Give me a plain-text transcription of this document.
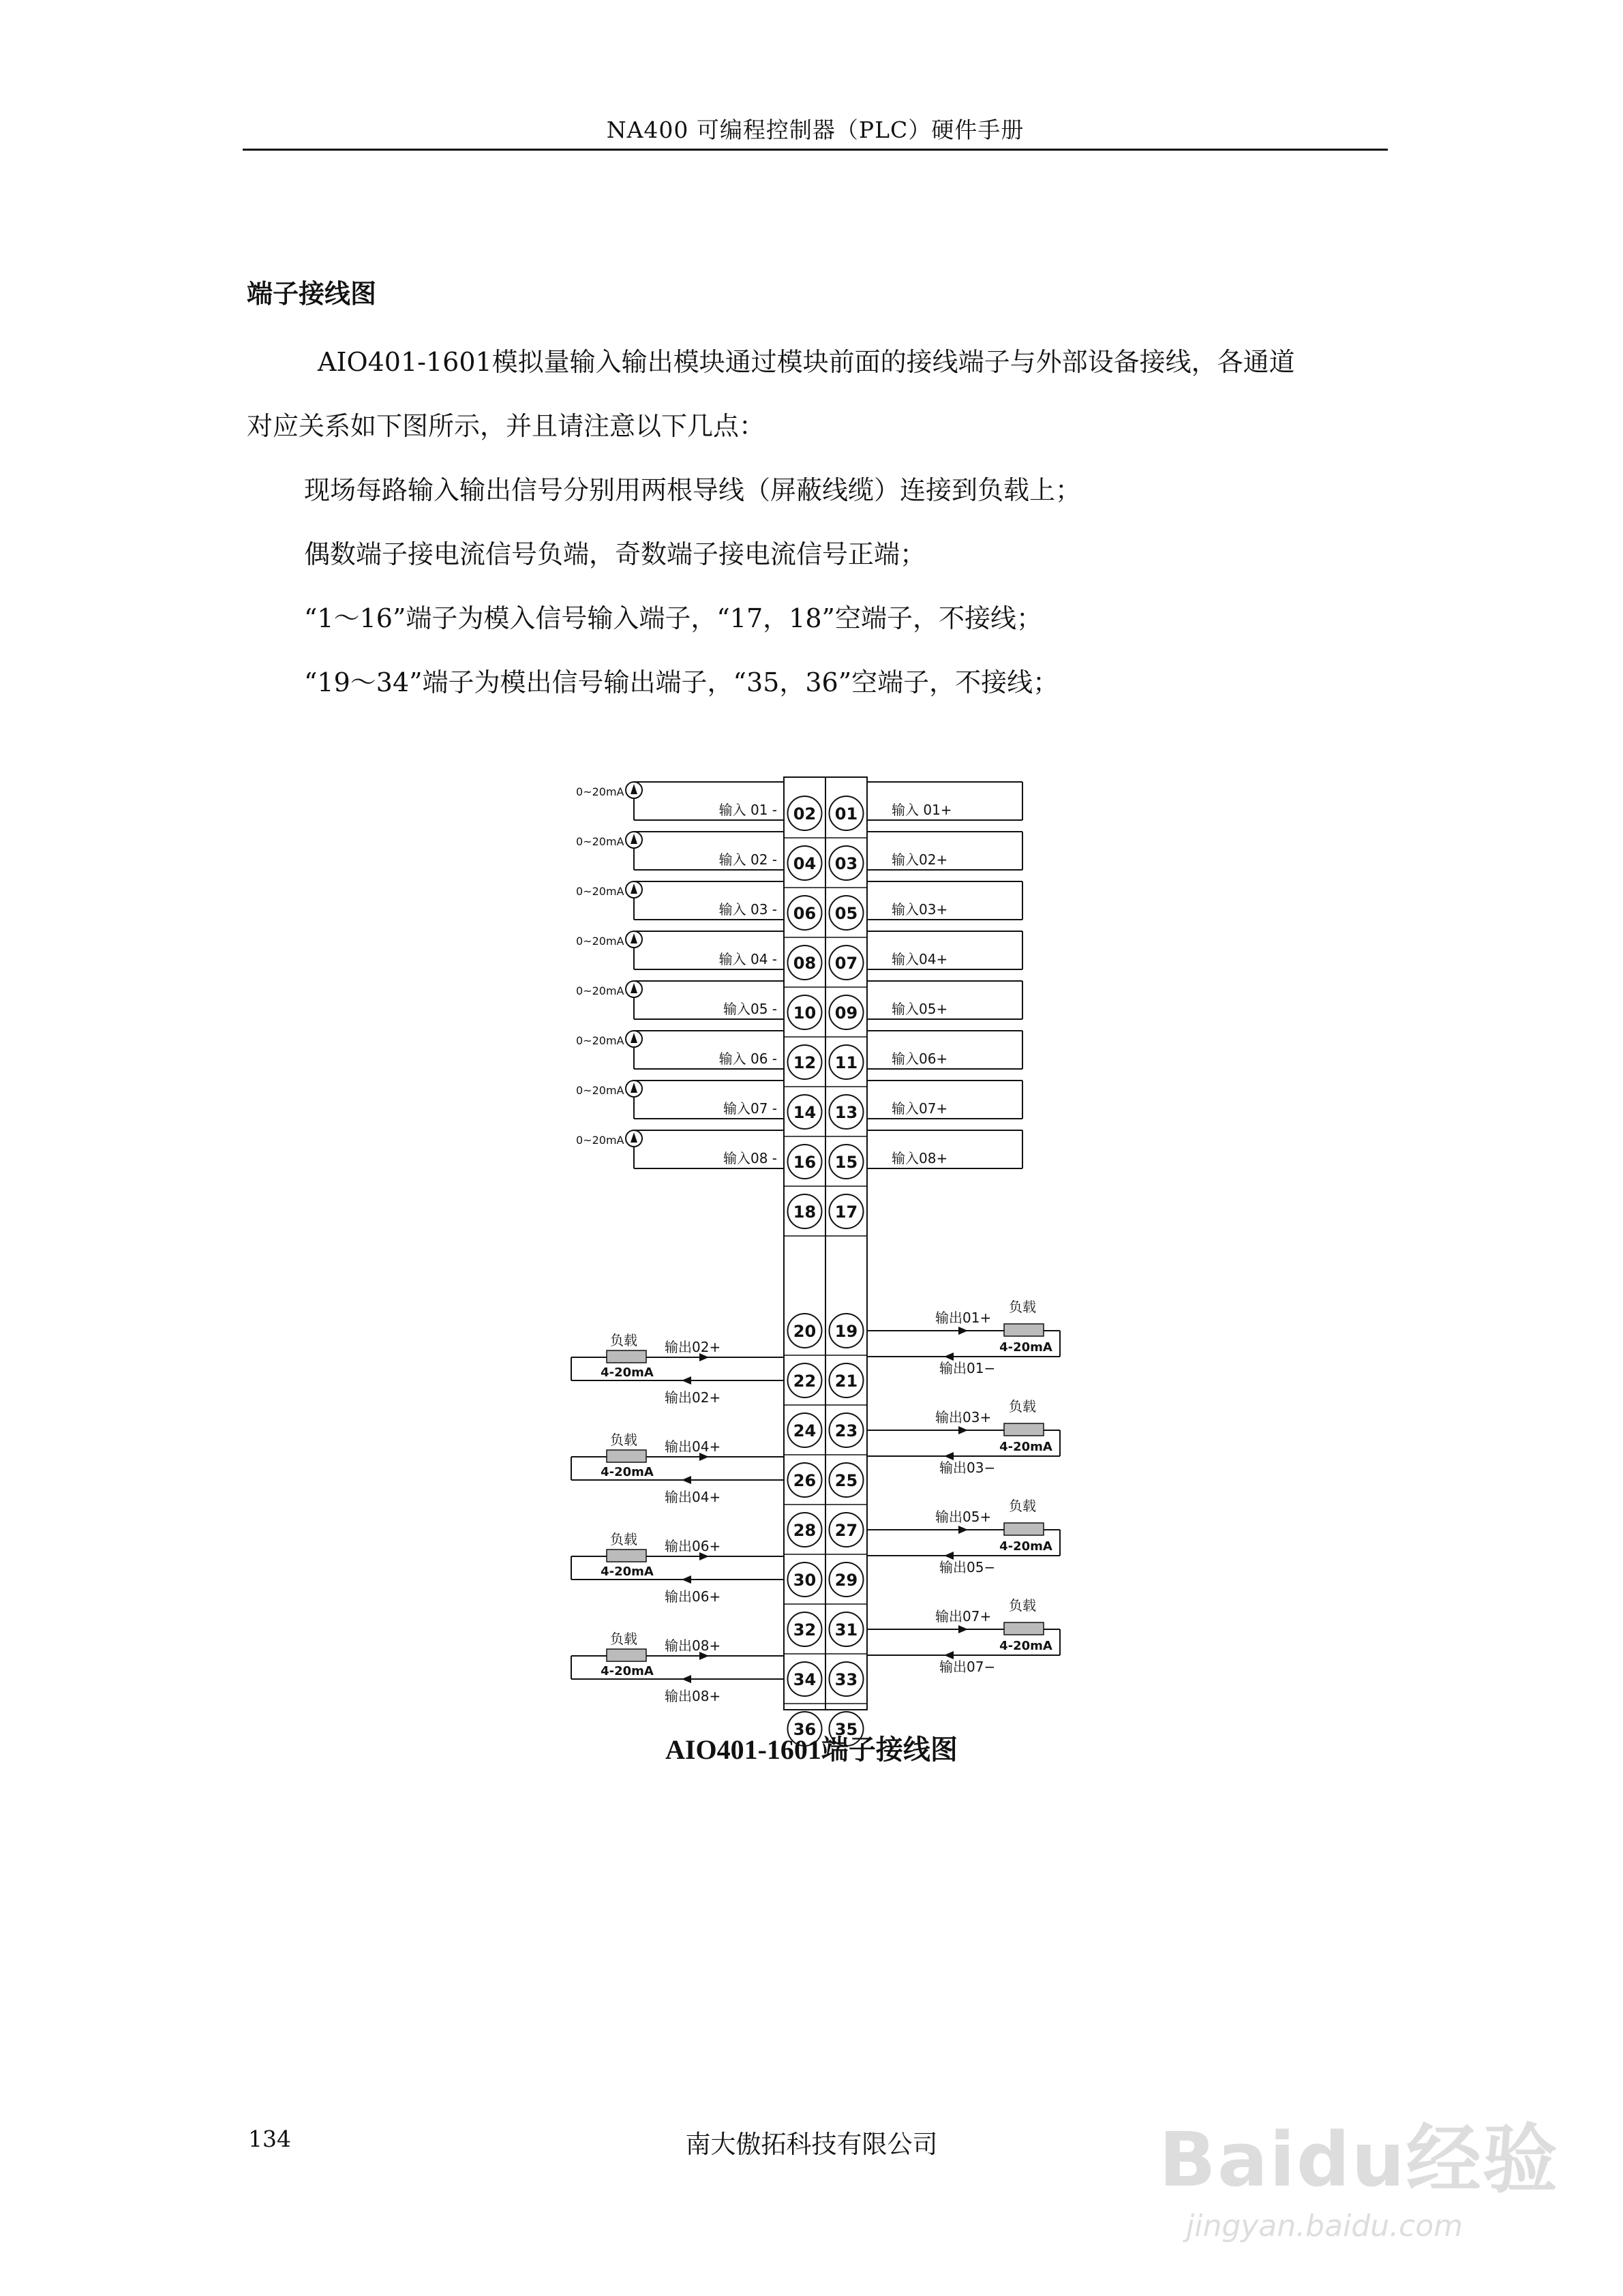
NA400 可编程控制器（PLC）硬件手册
端子接线图
AIO401-1601模拟量输入输出模块通过模块前面的接线端子与外部设备接线，各通道
对应关系如下图所示，并且请注意以下几点：
现场每路输入输出信号分别用两根导线（屏蔽线缆）连接到负载上；
偶数端子接电流信号负端，奇数端子接电流信号正端；
“1～16”端子为模入信号输入端子，“17，18”空端子，不接线；
“19～34”端子为模出信号输出端子，“35，36”空端子，不接线；
02 01
0~20mA
输入 01 -	输入 01+
04 03
0~20mA
输入 02 -	输入02+
06 05
0~20mA
输入 03 -	输入03+
08 07
0~20mA
输入 04 -	输入04+
10 09
0~20mA
输入05 -	输入05+
12 11
0~20mA
输入 06 -	输入06+
14 13
0~20mA
输入07 -	输入07+
16 15
0~20mA
输入08 -	输入08+
18 17
20 19
输出01+
输出01−
负载
4-20mA
22 21
输出02+
输出02+
负载
4-20mA
24 23
输出03+
输出03−
负载
4-20mA
26 25
输出04+
输出04+
负载
4-20mA
28 27
输出05+
输出05−
负载
4-20mA
30 29
输出06+
输出06+
负载
4-20mA
32 31
输出07+
输出07−
负载
4-20mA
34 33
输出08+
输出08+
负载
4-20mA
36 35
AIO401-1601端子接线图
134	南大傲拓科技有限公司	Baidu经验
jingyan.baidu.com
